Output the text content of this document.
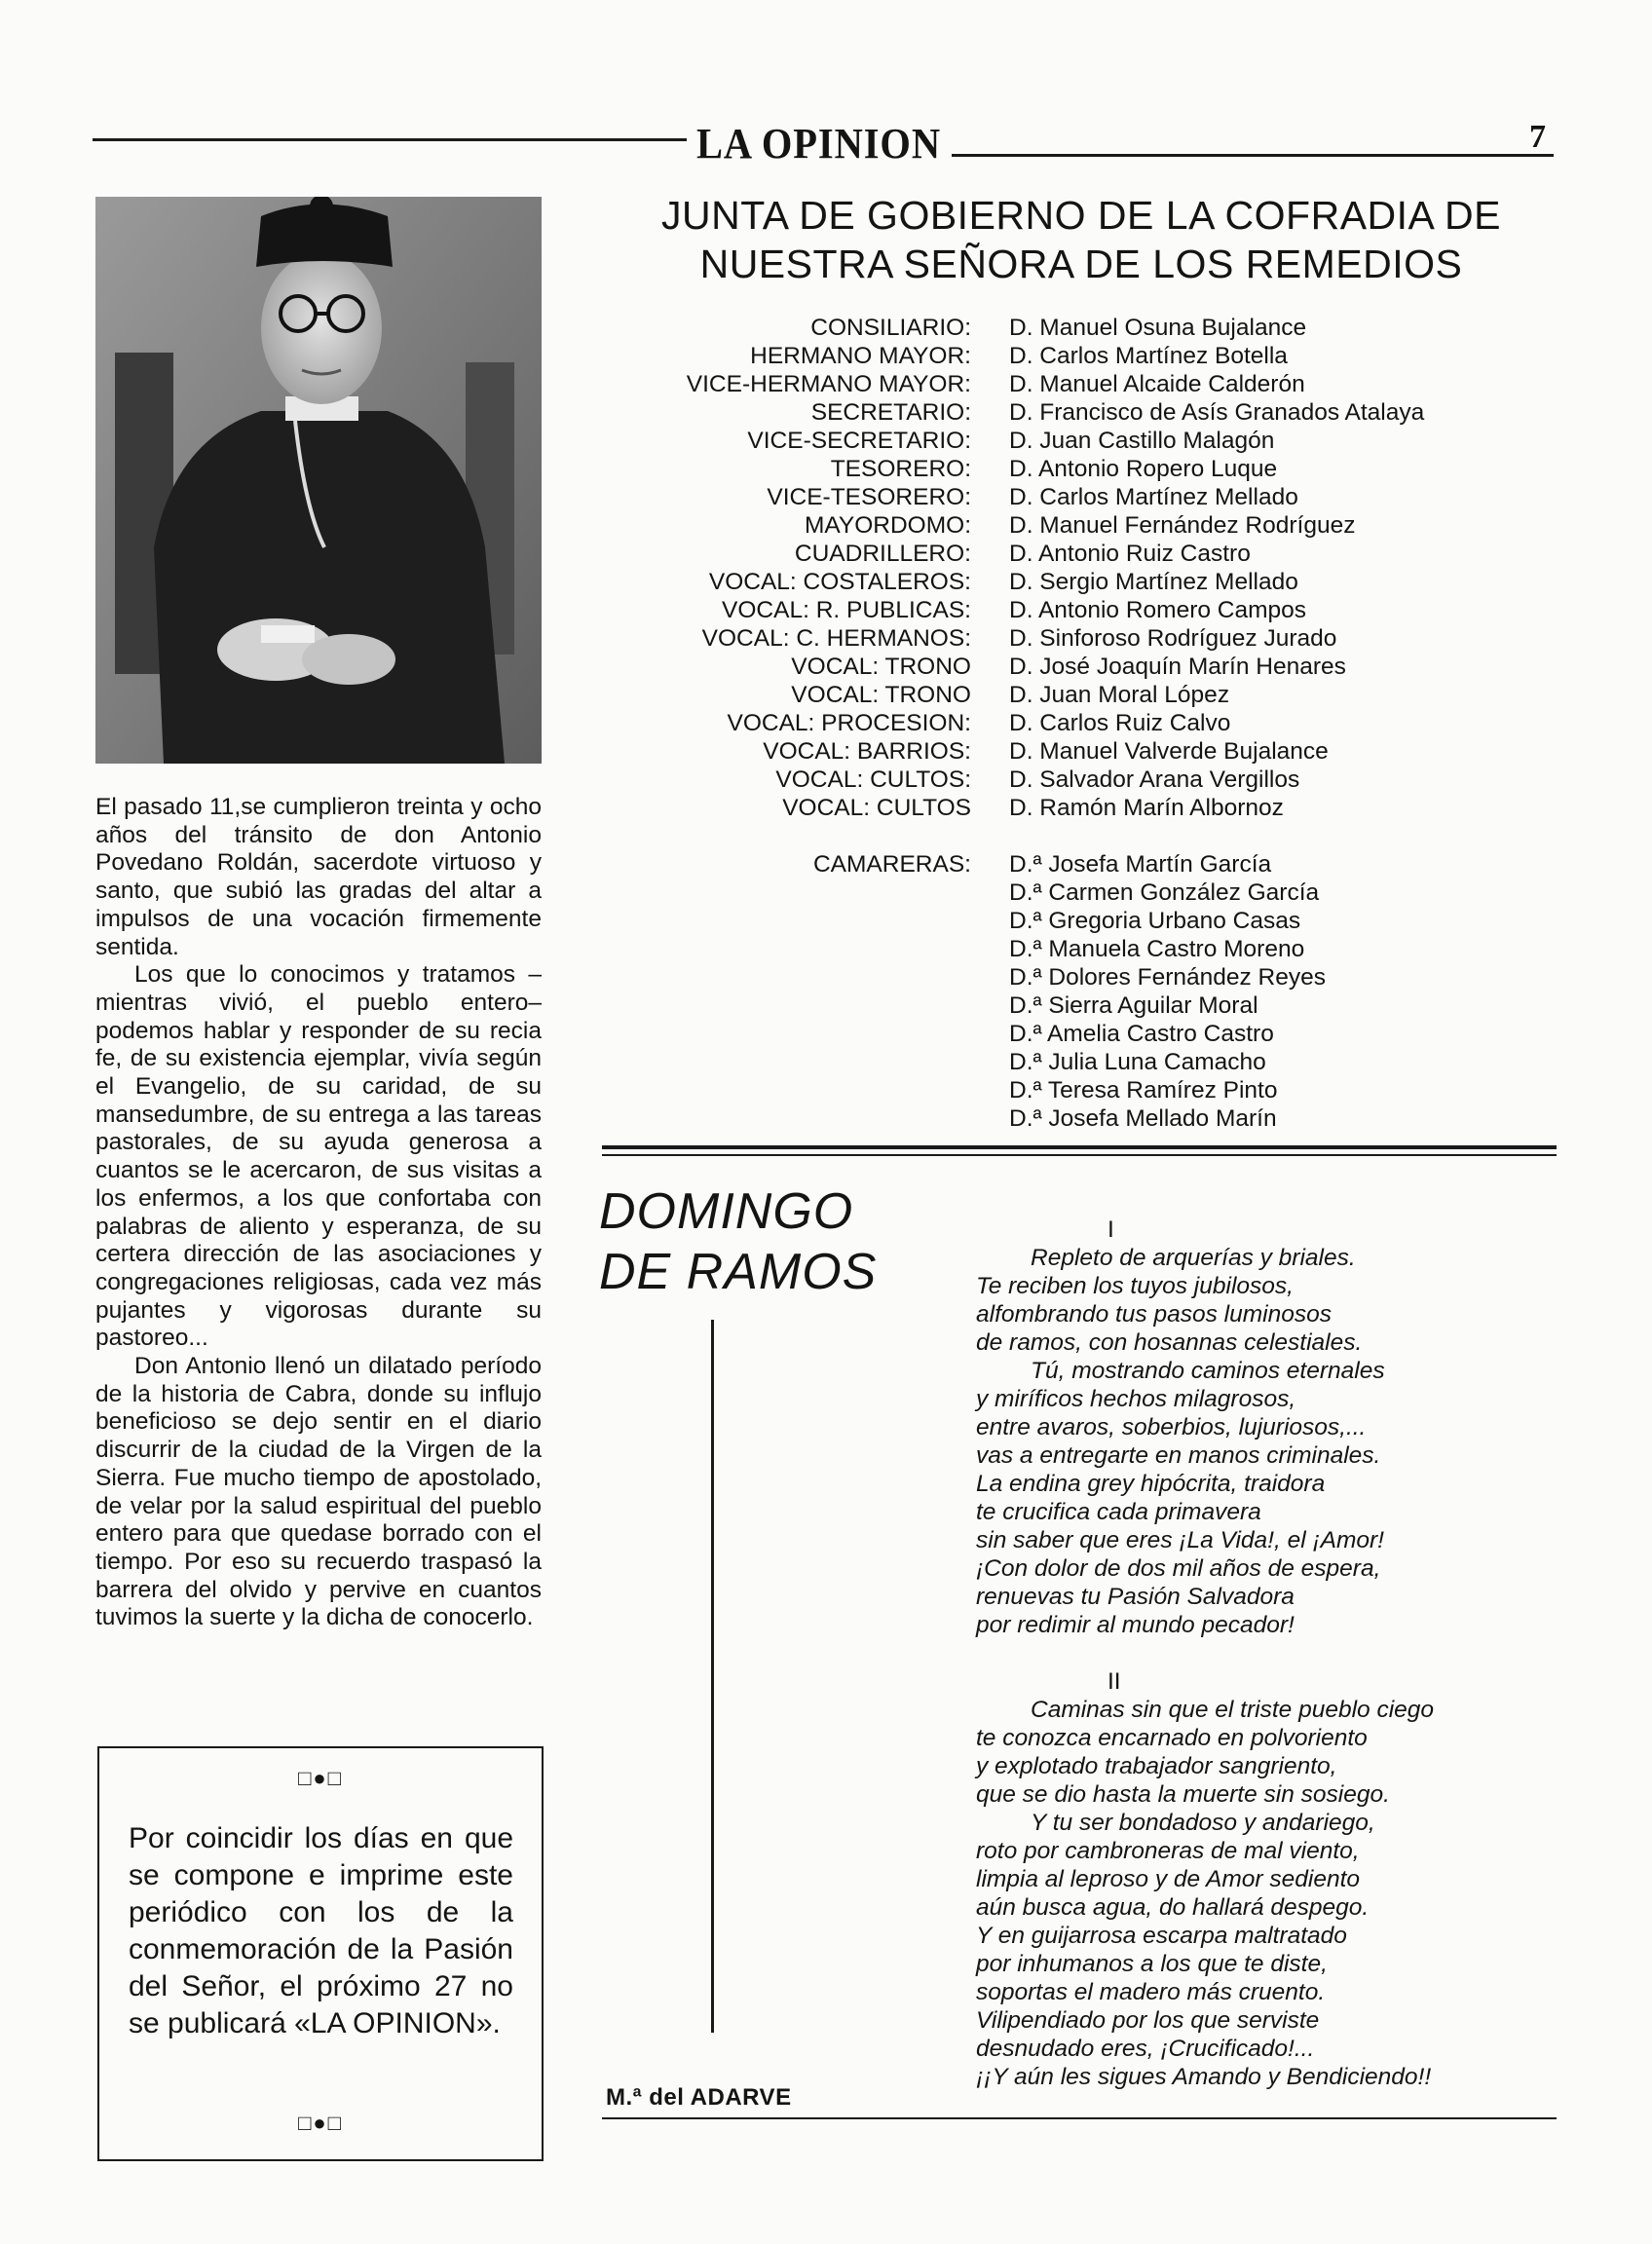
LA OPINION	7

El pasado 11,se cumplieron treinta y ocho años del tránsito de don Antonio Povedano Roldán, sacerdote virtuoso y santo, que subió las gradas del altar a impulsos de una vocación firmemente sentida.

Los que lo conocimos y tratamos –mientras vivió, el pueblo entero– podemos hablar y responder de su recia fe, de su existencia ejemplar, vivía según el Evangelio, de su caridad, de su mansedumbre, de su entrega a las tareas pastorales, de su ayuda generosa a cuantos se le acercaron, de sus visitas a los enfermos, a los que confortaba con palabras de aliento y esperanza, de su certera dirección de las asociaciones y congregaciones religiosas, cada vez más pujantes y vigorosas durante su pastoreo...

Don Antonio llenó un dilatado período de la historia de Cabra, donde su influjo beneficioso se dejo sentir en el diario discurrir de la ciudad de la Virgen de la Sierra. Fue mucho tiempo de apostolado, de velar por la salud espiritual del pueblo entero para que quedase borrado con el tiempo. Por eso su recuerdo traspasó la barrera del olvido y pervive en cuantos tuvimos la suerte y la dicha de conocerlo.

□●□
Por coincidir los días en que se compone e imprime este periódico con los de la conmemoración de la Pasión del Señor, el próximo 27 no se publicará «LA OPINION».
□●□
JUNTA DE GOBIERNO DE LA COFRADIA DE
NUESTRA SEÑORA DE LOS REMEDIOS
CONSILIARIO:
HERMANO MAYOR:
VICE-HERMANO MAYOR:
SECRETARIO:
VICE-SECRETARIO:
TESORERO:
VICE-TESORERO:
MAYORDOMO:
CUADRILLERO:
VOCAL: COSTALEROS:
VOCAL: R. PUBLICAS:
VOCAL: C. HERMANOS:
VOCAL: TRONO
VOCAL: TRONO
VOCAL: PROCESION:
VOCAL: BARRIOS:
VOCAL: CULTOS:
VOCAL: CULTOS
D. Manuel Osuna Bujalance
D. Carlos Martínez Botella
D. Manuel Alcaide Calderón
D. Francisco de Asís Granados Atalaya
D. Juan Castillo Malagón
D. Antonio Ropero Luque
D. Carlos Martínez Mellado
D. Manuel Fernández Rodríguez
D. Antonio Ruiz Castro
D. Sergio Martínez Mellado
D. Antonio Romero Campos
D. Sinforoso Rodríguez Jurado
D. José Joaquín Marín Henares
D. Juan Moral López
D. Carlos Ruiz Calvo
D. Manuel Valverde Bujalance
D. Salvador Arana Vergillos
D. Ramón Marín Albornoz
CAMARERAS: D.ª Josefa Martín García
D.ª Carmen González García
D.ª Gregoria Urbano Casas
D.ª Manuela Castro Moreno
D.ª Dolores Fernández Reyes
D.ª Sierra Aguilar Moral
D.ª Amelia Castro Castro
D.ª Julia Luna Camacho
D.ª Teresa Ramírez Pinto
D.ª Josefa Mellado Marín
DOMINGO
DE RAMOS
I
Repleto de arquerías y briales.
Te reciben los tuyos jubilosos,
alfombrando tus pasos luminosos
de ramos, con hosannas celestiales.
Tú, mostrando caminos eternales
y miríficos hechos milagrosos,
entre avaros, soberbios, lujuriosos,...
vas a entregarte en manos criminales.
La endina grey hipócrita, traidora
te crucifica cada primavera
sin saber que eres ¡La Vida!, el ¡Amor!
¡Con dolor de dos mil años de espera,
renuevas tu Pasión Salvadora
por redimir al mundo pecador!
II
Caminas sin que el triste pueblo ciego
te conozca encarnado en polvoriento
y explotado trabajador sangriento,
que se dio hasta la muerte sin sosiego.
Y tu ser bondadoso y andariego,
roto por cambroneras de mal viento,
limpia al leproso y de Amor sediento
aún busca agua, do hallará despego.
Y en guijarrosa escarpa maltratado
por inhumanos a los que te diste,
soportas el madero más cruento.
Vilipendiado por los que serviste
desnudado eres, ¡Crucificado!...
¡¡Y aún les sigues Amando y Bendiciendo!!
M.ª del ADARVE
